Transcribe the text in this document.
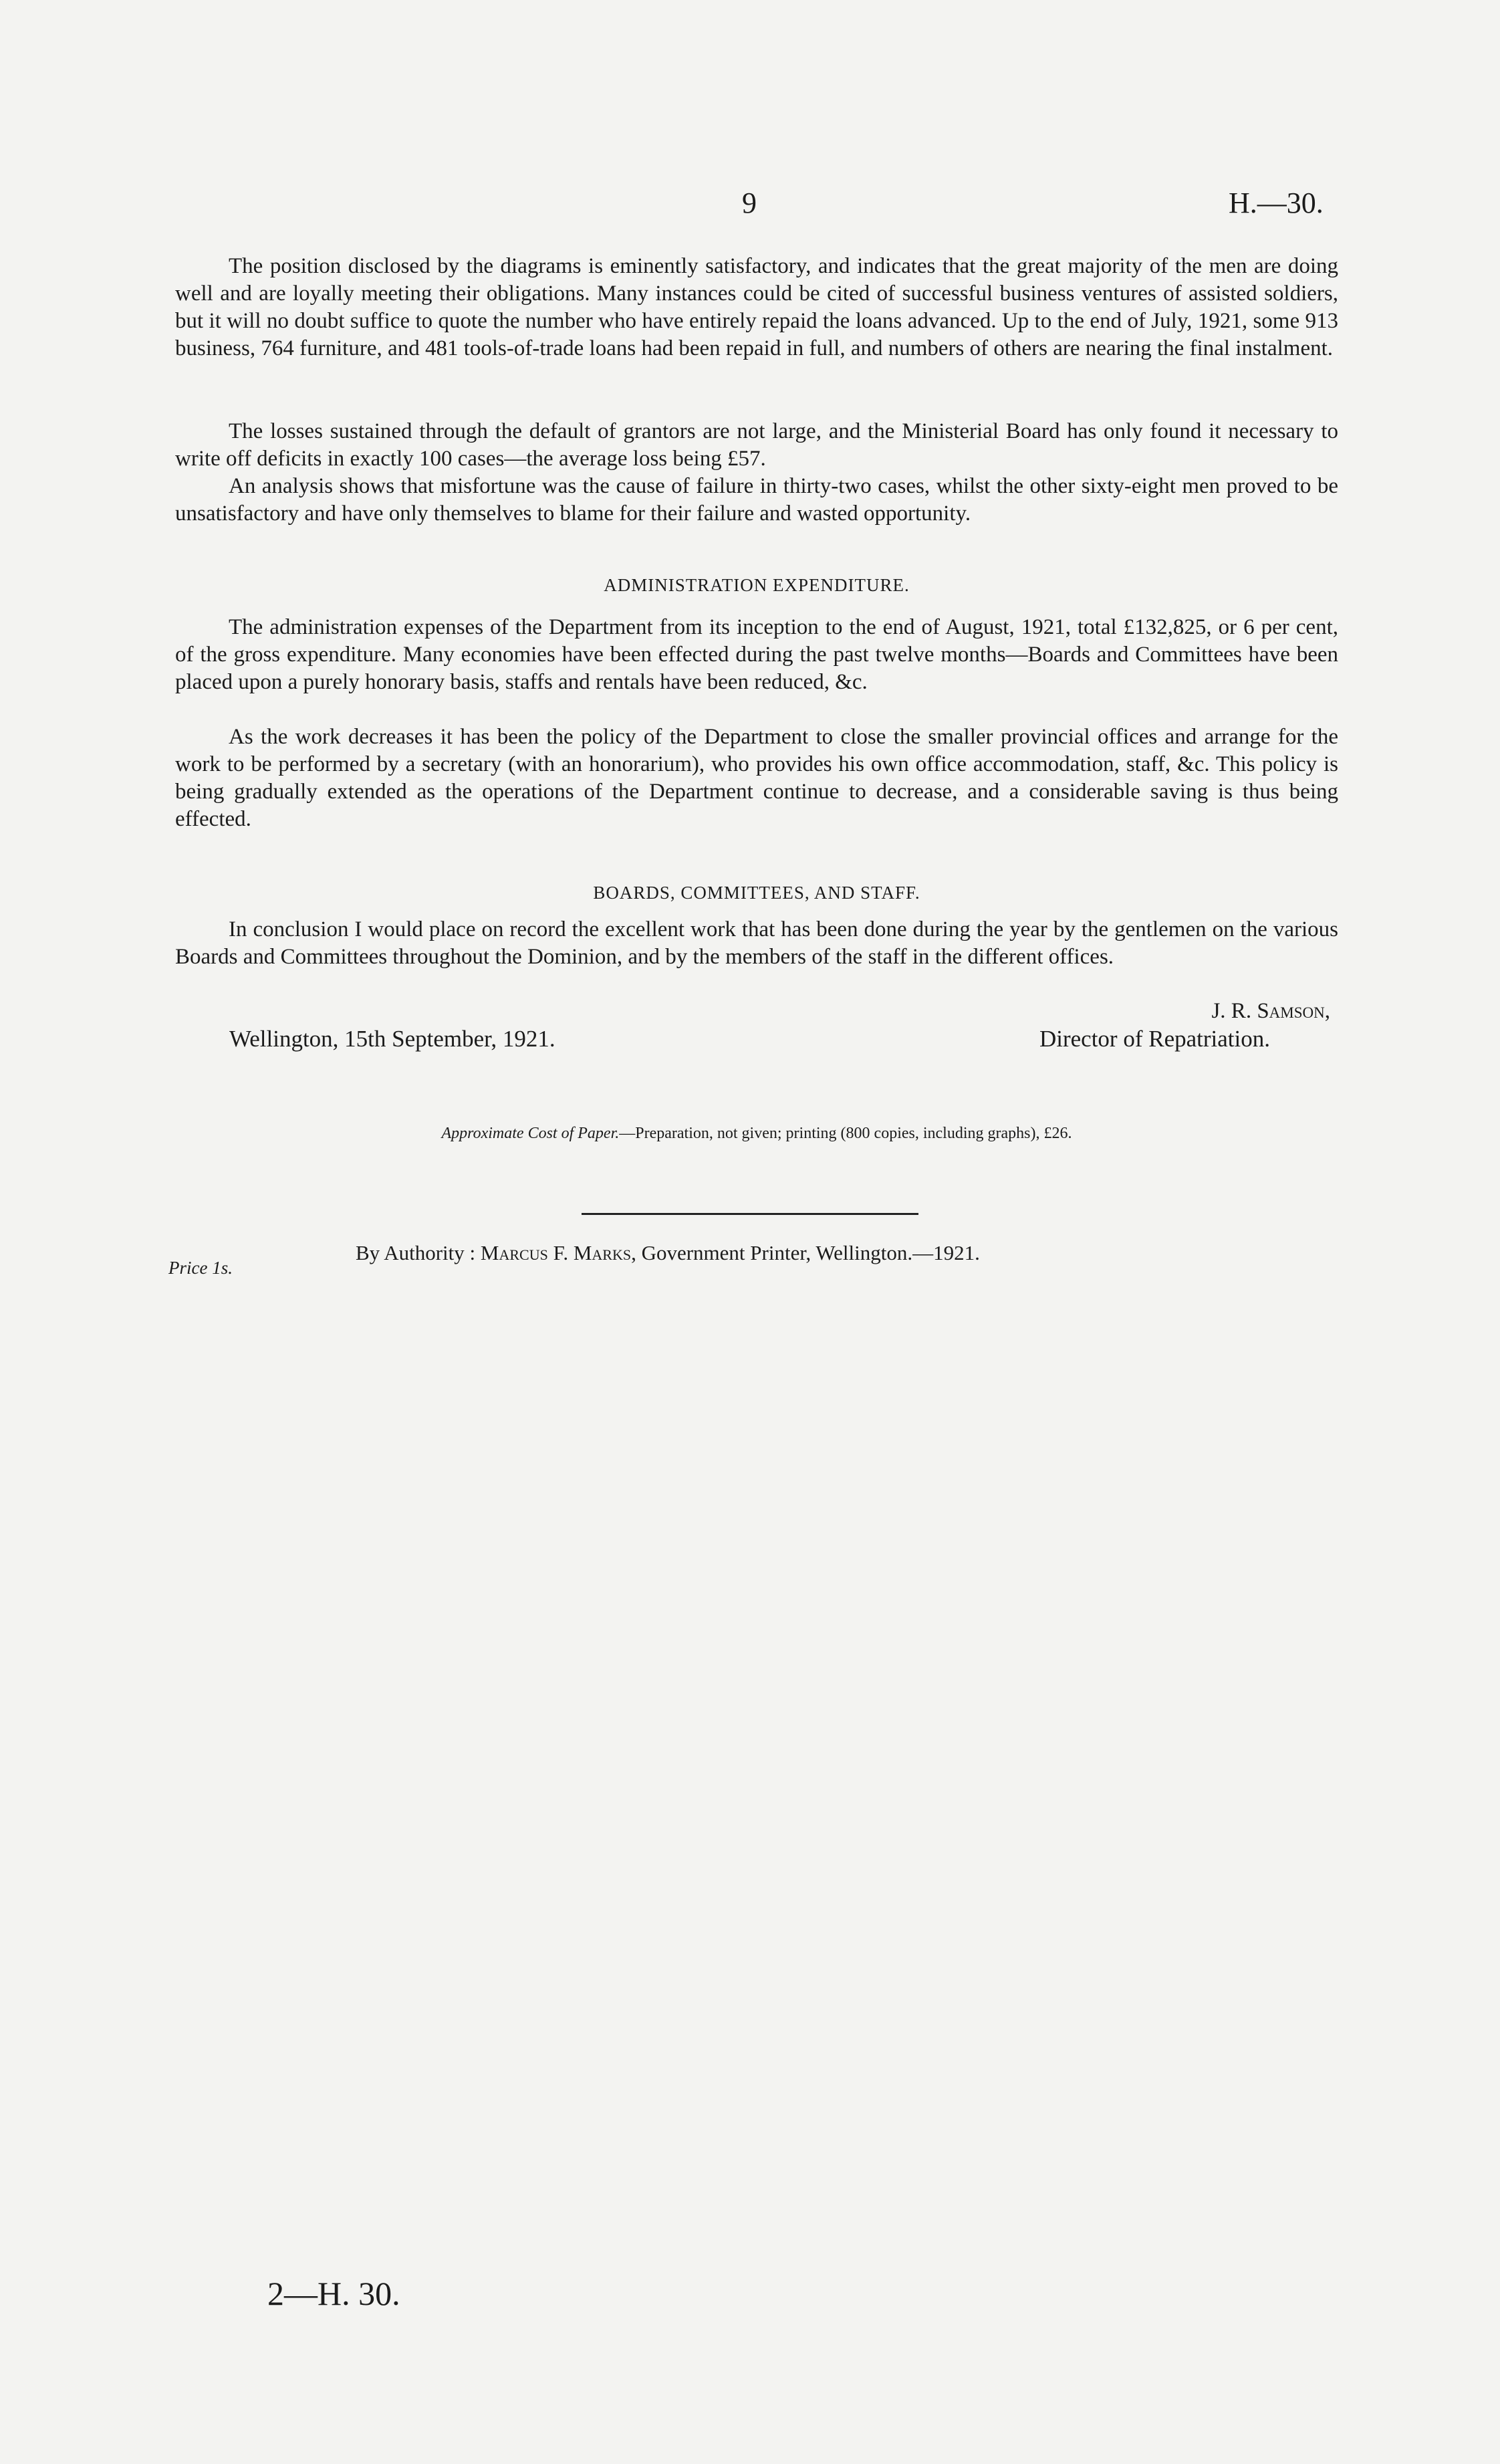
9	H.—30.

The position disclosed by the diagrams is eminently satisfactory, and indicates that the great majority of the men are doing well and are loyally meeting their obligations. Many instances could be cited of successful business ventures of assisted soldiers, but it will no doubt suffice to quote the number who have entirely repaid the loans advanced. Up to the end of July, 1921, some 913 business, 764 furniture, and 481 tools-of-trade loans had been repaid in full, and numbers of others are nearing the final instalment.

The losses sustained through the default of grantors are not large, and the Ministerial Board has only found it necessary to write off deficits in exactly 100 cases—the average loss being £57.

An analysis shows that misfortune was the cause of failure in thirty-two cases, whilst the other sixty-eight men proved to be unsatisfactory and have only themselves to blame for their failure and wasted opportunity.

ADMINISTRATION EXPENDITURE.

The administration expenses of the Department from its inception to the end of August, 1921, total £132,825, or 6 per cent, of the gross expenditure. Many economies have been effected during the past twelve months—Boards and Committees have been placed upon a purely honorary basis, staffs and rentals have been reduced, &c.

As the work decreases it has been the policy of the Department to close the smaller provincial offices and arrange for the work to be performed by a secretary (with an honorarium), who provides his own office accommodation, staff, &c. This policy is being gradually extended as the operations of the Department continue to decrease, and a considerable saving is thus being effected.

BOARDS, COMMITTEES, AND STAFF.

In conclusion I would place on record the excellent work that has been done during the year by the gentlemen on the various Boards and Committees throughout the Dominion, and by the members of the staff in the different offices.

J. R. Samson,
Wellington, 15th September, 1921.	Director of Repatriation.
Approximate Cost of Paper.—Preparation, not given; printing (800 copies, including graphs), £26.
Price 1s.
By Authority : Marcus F. Marks, Government Printer, Wellington.—1921.
2—H. 30.
